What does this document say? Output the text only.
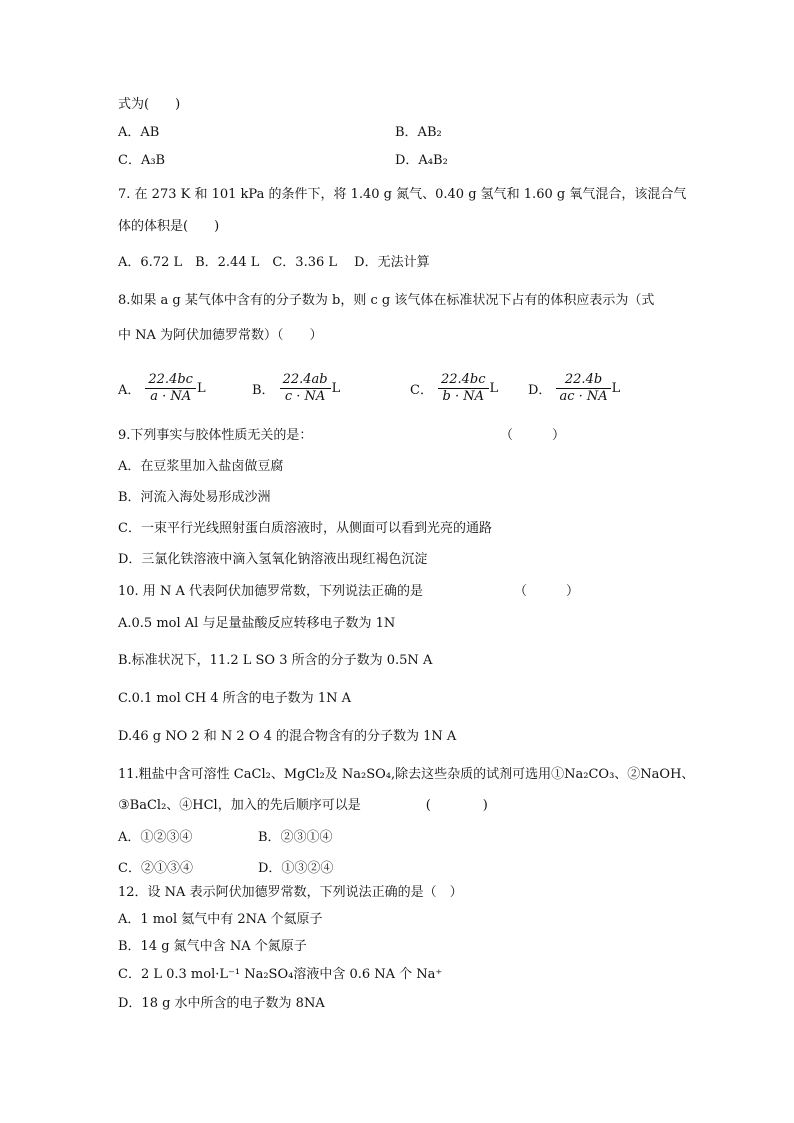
式为(　　)
A．AB	B．AB₂
C．A₃B	D．A₄B₂
7. 在 273 K 和 101 kPa 的条件下，将 1.40 g 氮气、0.40 g 氢气和 1.60 g 氧气混合，该混合气
体的体积是(　　)
A．6.72 L　B．2.44 L　C．3.36 L　 D．无法计算
8.如果 a g 某气体中含有的分子数为 b，则 c g 该气体在标准状况下占有的体积应表示为（式
中 NA 为阿伏加德罗常数）（　　）
A． $\frac{22.4bc}{a \cdot NA}$ L	B． $\frac{22.4ab}{c \cdot NA}$ L	C． $\frac{22.4bc}{b \cdot NA}$ L D． $\frac{22.4b}{ac \cdot NA}$ L
9.下列事实与胶体性质无关的是：	（　　　）
A．在豆浆里加入盐卤做豆腐
B．河流入海处易形成沙洲
C．一束平行光线照射蛋白质溶液时，从侧面可以看到光亮的通路
D．三氯化铁溶液中滴入氢氧化钠溶液出现红褐色沉淀
10. 用 N A 代表阿伏加德罗常数，下列说法正确的是	（　　　）
A.0.5 mol Al 与足量盐酸反应转移电子数为 1N
B.标准状况下，11.2 L SO 3 所含的分子数为 0.5N A
C.0.1 mol CH 4 所含的电子数为 1N A
D.46 g NO 2 和 N 2 O 4 的混合物含有的分子数为 1N A
11.粗盐中含可溶性 CaCl₂、MgCl₂及 Na₂SO₄,除去这些杂质的试剂可选用①Na₂CO₃、②NaOH、
③BaCl₂、④HCl，加入的先后顺序可以是　　　　　(　　　　)
A．①②③④	B．②③①④
C．②①③④	D．①③②④
12．设 NA 表示阿伏加德罗常数，下列说法正确的是（　）
A．1 mol 氦气中有 2NA 个氦原子
B．14 g 氮气中含 NA 个氮原子
C．2 L 0.3 mol·L⁻¹ Na₂SO₄溶液中含 0.6 NA 个 Na⁺
D．18 g 水中所含的电子数为 8NA
